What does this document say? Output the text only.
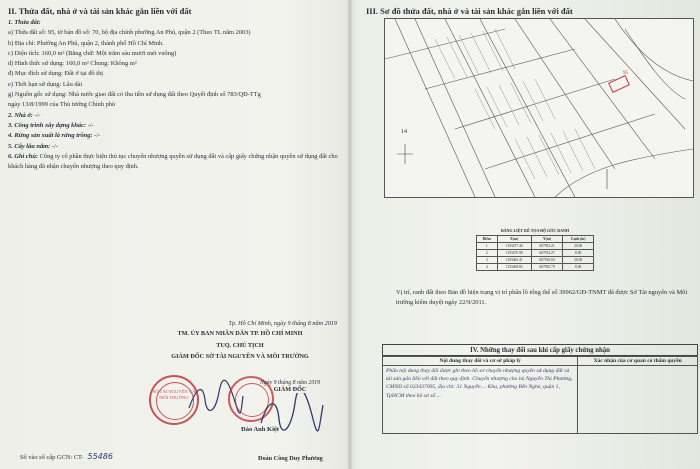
II. Thửa đất, nhà ở và tài sản khác gắn liền với đất
1. Thửa đất:
a) Thửa đất số: 95, tờ bản đồ số: 70, bộ địa chính phường An Phú, quận 2 (Theo TL năm 2003)
b) Địa chỉ: Phường An Phú, quận 2, thành phố Hồ Chí Minh.
c) Diện tích: 160,0 m² (Bằng chữ: Một trăm sáu mươi mét vuông)
d) Hình thức sử dụng: 160,0 m² Chung: Không m²
đ) Mục đích sử dụng: Đất ở tại đô thị
e) Thời hạn sử dụng: Lâu dài
g) Nguồn gốc sử dụng: Nhà nước giao đất có thu tiền sử dụng đất theo Quyết định số 783/QĐ-TTg
ngày 13/8/1999 của Thủ tướng Chính phủ
2. Nhà ở: -/-
3. Công trình xây dựng khác: -/-
4. Rừng sản xuất là rừng trồng: -/-
5. Cây lâu năm: -/-
6. Ghi chú: Công ty cổ phần thực hiện thủ tục chuyển nhượng quyền sử dụng đất và cấp giấy chứng nhận quyền sử dụng đất cho khách hàng đã nhận chuyển nhượng theo quy định.
Tp. Hồ Chí Minh, ngày 9 tháng 8 năm 2019
TM. ỦY BAN NHÂN DÂN TP. HỒ CHÍ MINH
TUQ. CHỦ TỊCH
GIÁM ĐỐC SỞ TÀI NGUYÊN VÀ MÔI TRƯỜNG
Đào Anh Kiệt
SỞ TÀI NGUYÊN VÀ MÔI TRƯỜNG
Số vào sổ cấp GCN: CT- 55486
III. Sơ đồ thửa đất, nhà ở và tài sản khác gắn liền với đất
14
95
BẢNG LIỆT KÊ TỌA ĐỘ GÓC RANH
Điểm	X(m)	Y(m)	Cạnh (m)
1	1193477.40	607933.21	20.00
2	1193470.98	607914.27	8.00
3	1193463.41	607916.84	20.00
4	1193469.83	607935.79	8.00
Vị trí, ranh đất theo Bản đồ hiện trạng vị trí phân lô tổng thể số 39962/GĐ-TNMT đã được Sở Tài nguyên và Môi trường kiểm duyệt ngày 22/9/2011.
IV. Những thay đổi sau khi cấp giấy chứng nhận
Nội dung thay đổi và cơ sở pháp lý	Xác nhận của cơ quan có thẩm quyền
Phần nội dung thay đổi được ghi theo hồ sơ chuyển nhượng quyền sử dụng đất và tài sản gắn liền với đất theo quy định. Chuyển nhượng cho bà Nguyễn Thị Phương, CMND số 023437005, địa chỉ: 31 Nguyễn ... Kha, phường Bến Nghé, quận 1, TpHCM theo hồ sơ số ...	
Ngày 9 tháng 8 năm 2019
GIÁM ĐỐC
Đoàn Công Duy Phương
